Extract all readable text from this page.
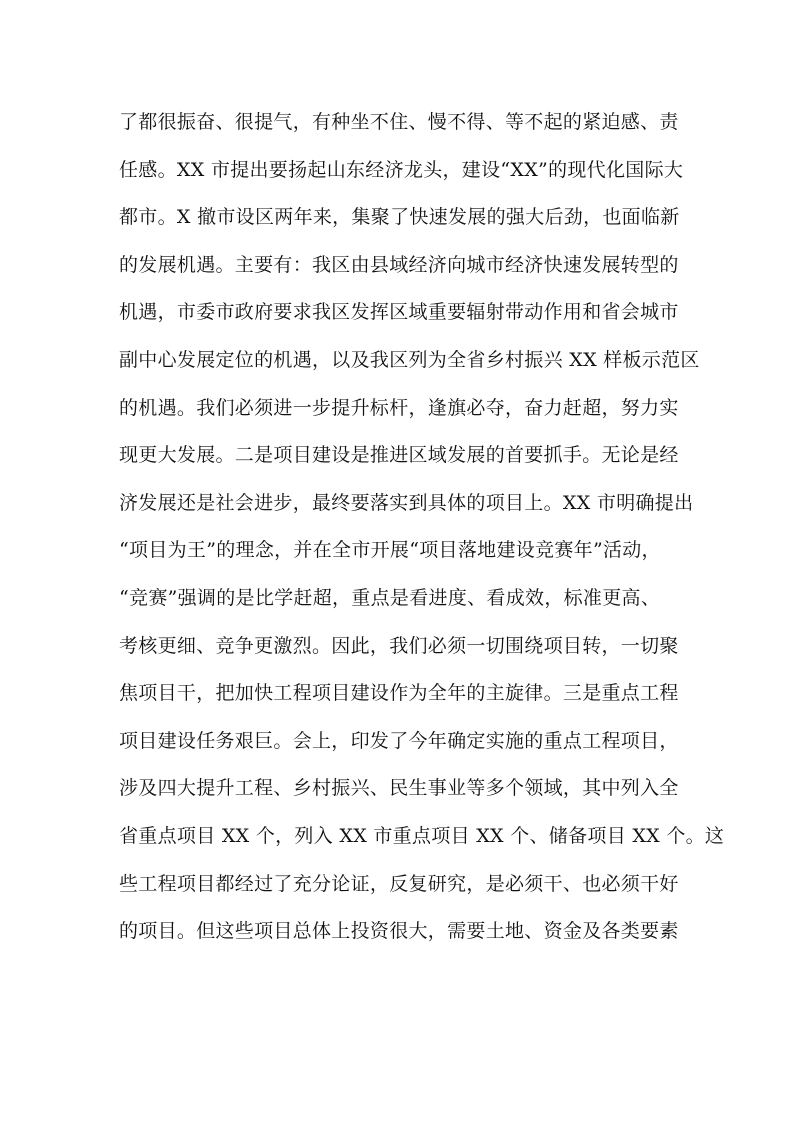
了都很振奋、很提气，有种坐不住、慢不得、等不起的紧迫感、责
任感。XX 市提出要扬起山东经济龙头，建设“XX”的现代化国际大
都市。X 撤市设区两年来，集聚了快速发展的强大后劲，也面临新
的发展机遇。主要有：我区由县域经济向城市经济快速发展转型的
机遇，市委市政府要求我区发挥区域重要辐射带动作用和省会城市
副中心发展定位的机遇，以及我区列为全省乡村振兴 XX 样板示范区
的机遇。我们必须进一步提升标杆，逢旗必夺，奋力赶超，努力实
现更大发展。二是项目建设是推进区域发展的首要抓手。无论是经
济发展还是社会进步，最终要落实到具体的项目上。XX 市明确提出
“项目为王”的理念，并在全市开展“项目落地建设竞赛年”活动，
“竞赛”强调的是比学赶超，重点是看进度、看成效，标准更高、
考核更细、竞争更激烈。因此，我们必须一切围绕项目转，一切聚
焦项目干，把加快工程项目建设作为全年的主旋律。三是重点工程
项目建设任务艰巨。会上，印发了今年确定实施的重点工程项目，
涉及四大提升工程、乡村振兴、民生事业等多个领域，其中列入全
省重点项目 XX 个，列入 XX 市重点项目 XX 个、储备项目 XX 个。这
些工程项目都经过了充分论证，反复研究，是必须干、也必须干好
的项目。但这些项目总体上投资很大，需要土地、资金及各类要素
